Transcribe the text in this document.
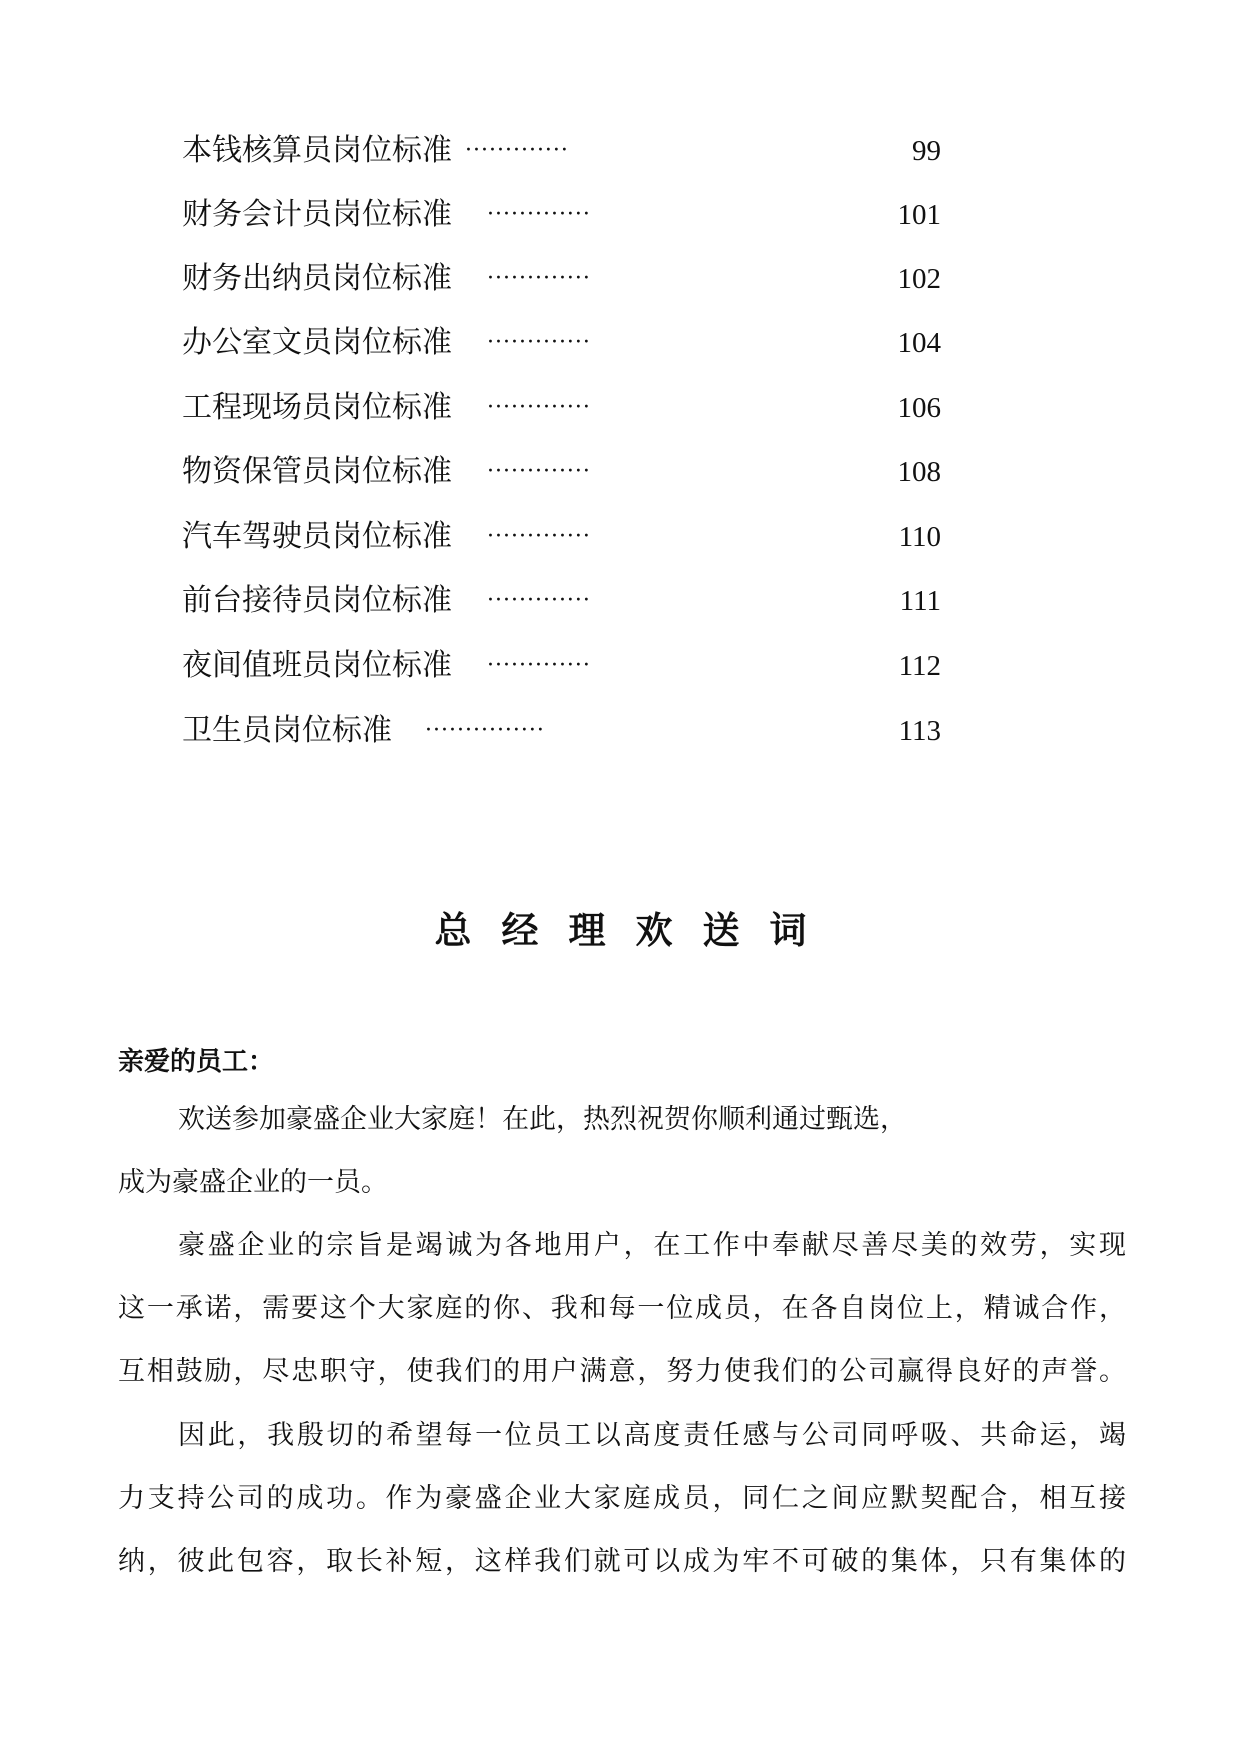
本钱核算员岗位标准 ·············	99
财务会计员岗位标准 ·············	101
财务出纳员岗位标准 ·············	102
办公室文员岗位标准 ·············	104
工程现场员岗位标准 ·············	106
物资保管员岗位标准 ·············	108
汽车驾驶员岗位标准 ·············	110
前台接待员岗位标准 ·············	111
夜间值班员岗位标准 ·············	112
卫生员岗位标准 ···············	113
总经理欢送词
亲爱的员工：
欢送参加豪盛企业大家庭！在此，热烈祝贺你顺利通过甄选，
成为豪盛企业的一员。
豪盛企业的宗旨是竭诚为各地用户，在工作中奉献尽善尽美的效劳，实现
这一承诺，需要这个大家庭的你、我和每一位成员，在各自岗位上，精诚合作，
互相鼓励，尽忠职守，使我们的用户满意，努力使我们的公司赢得良好的声誉。
因此，我殷切的希望每一位员工以高度责任感与公司同呼吸、共命运，竭
力支持公司的成功。作为豪盛企业大家庭成员，同仁之间应默契配合，相互接
纳，彼此包容，取长补短，这样我们就可以成为牢不可破的集体，只有集体的
